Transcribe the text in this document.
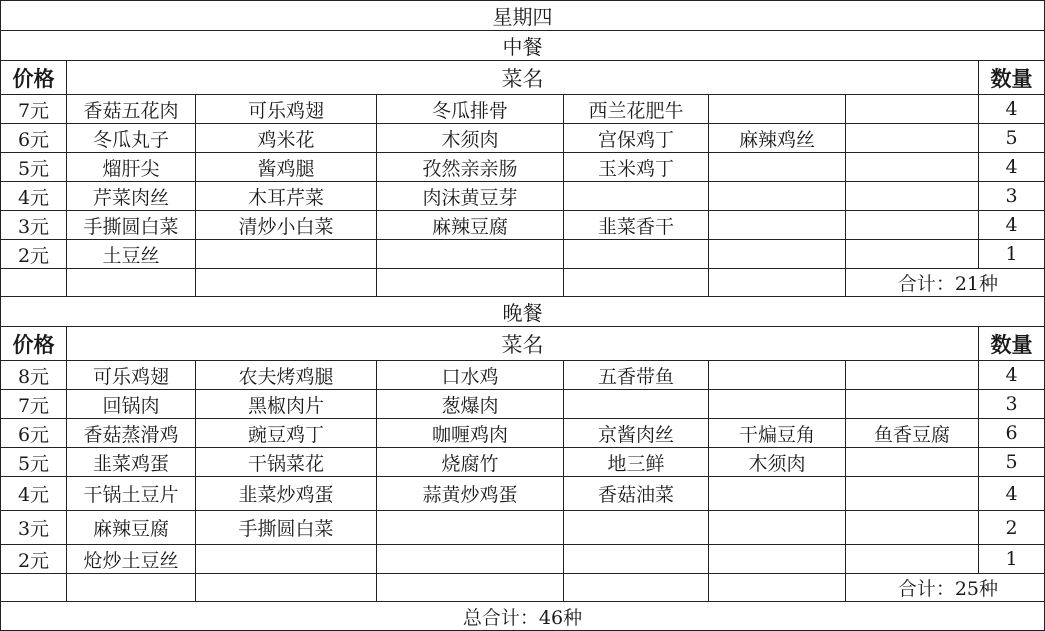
星期四							
中餐							
价格	菜名						数量
7元	香菇五花肉	可乐鸡翅	冬瓜排骨	西兰花肥牛			4
6元	冬瓜丸子	鸡米花	木须肉	宫保鸡丁	麻辣鸡丝		5
5元	熘肝尖	酱鸡腿	孜然亲亲肠	玉米鸡丁			4
4元	芹菜肉丝	木耳芹菜	肉沫黄豆芽				3
3元	手撕圆白菜	清炒小白菜	麻辣豆腐	韭菜香干			4
2元	土豆丝						1
						合计：21种	
晚餐							
价格	菜名						数量
8元	可乐鸡翅	农夫烤鸡腿	口水鸡	五香带鱼			4
7元	回锅肉	黑椒肉片	葱爆肉				3
6元	香菇蒸滑鸡	豌豆鸡丁	咖喱鸡肉	京酱肉丝	干煸豆角	鱼香豆腐	6
5元	韭菜鸡蛋	干锅菜花	烧腐竹	地三鲜	木须肉		5
4元	干锅土豆片	韭菜炒鸡蛋	蒜黄炒鸡蛋	香菇油菜			4
3元	麻辣豆腐	手撕圆白菜					2
2元	炝炒土豆丝						1
						合计：25种	
总合计：46种							
